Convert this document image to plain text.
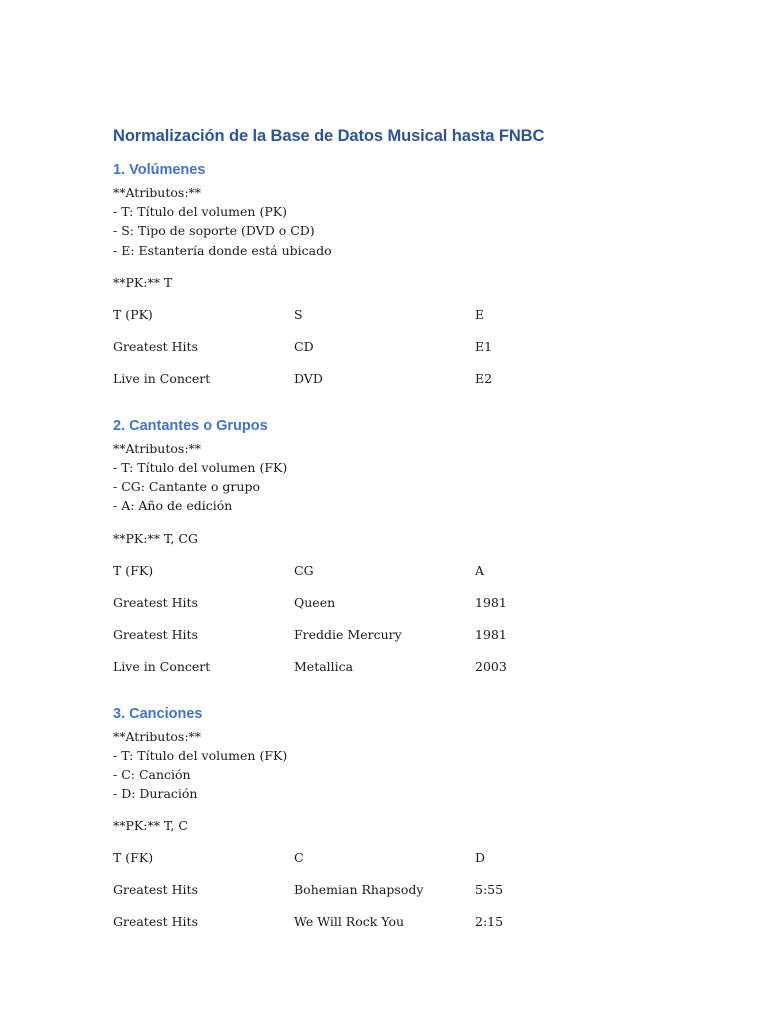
Normalización de la Base de Datos Musical hasta FNBC
1. Volúmenes
**Atributos:**
- T: Título del volumen (PK)
- S: Tipo de soporte (DVD o CD)
- E: Estantería donde está ubicado
**PK:** T
T (PK)	S	E
Greatest Hits	CD	E1
Live in Concert	DVD	E2
2. Cantantes o Grupos
**Atributos:**
- T: Título del volumen (FK)
- CG: Cantante o grupo
- A: Año de edición
**PK:** T, CG
T (FK)	CG	A
Greatest Hits	Queen	1981
Greatest Hits	Freddie Mercury	1981
Live in Concert	Metallica	2003
3. Canciones
**Atributos:**
- T: Título del volumen (FK)
- C: Canción
- D: Duración
**PK:** T, C
T (FK)	C	D
Greatest Hits	Bohemian Rhapsody	5:55
Greatest Hits	We Will Rock You	2:15
